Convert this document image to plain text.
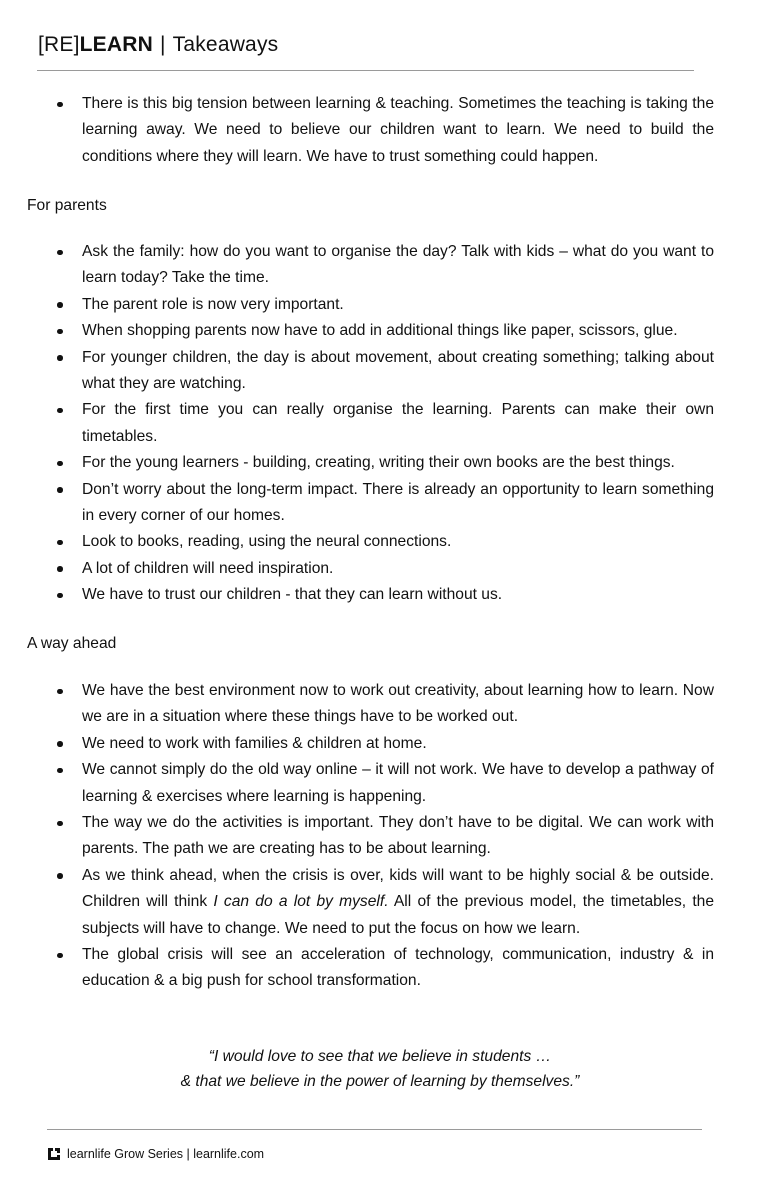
[RE]LEARN | Takeaways
There is this big tension between learning & teaching. Sometimes the teaching is taking the learning away. We need to believe our children want to learn. We need to build the conditions where they will learn. We have to trust something could happen.
For parents
Ask the family: how do you want to organise the day? Talk with kids – what do you want to learn today? Take the time.
The parent role is now very important.
When shopping parents now have to add in additional things like paper, scissors, glue.
For younger children, the day is about movement, about creating something; talking about what they are watching.
For the first time you can really organise the learning. Parents can make their own timetables.
For the young learners - building, creating, writing their own books are the best things.
Don’t worry about the long-term impact. There is already an opportunity to learn something in every corner of our homes.
Look to books, reading, using the neural connections.
A lot of children will need inspiration.
We have to trust our children - that they can learn without us.
A way ahead
We have the best environment now to work out creativity, about learning how to learn. Now we are in a situation where these things have to be worked out.
We need to work with families & children at home.
We cannot simply do the old way online – it will not work. We have to develop a pathway of learning & exercises where learning is happening.
The way we do the activities is important. They don’t have to be digital. We can work with parents. The path we are creating has to be about learning.
As we think ahead, when the crisis is over, kids will want to be highly social & be outside. Children will think I can do a lot by myself. All of the previous model, the timetables, the subjects will have to change. We need to put the focus on how we learn.
The global crisis will see an acceleration of technology, communication, industry & in education & a big push for school transformation.
“I would love to see that we believe in students …
& that we believe in the power of learning by themselves.”
learnlife Grow Series | learnlife.com
